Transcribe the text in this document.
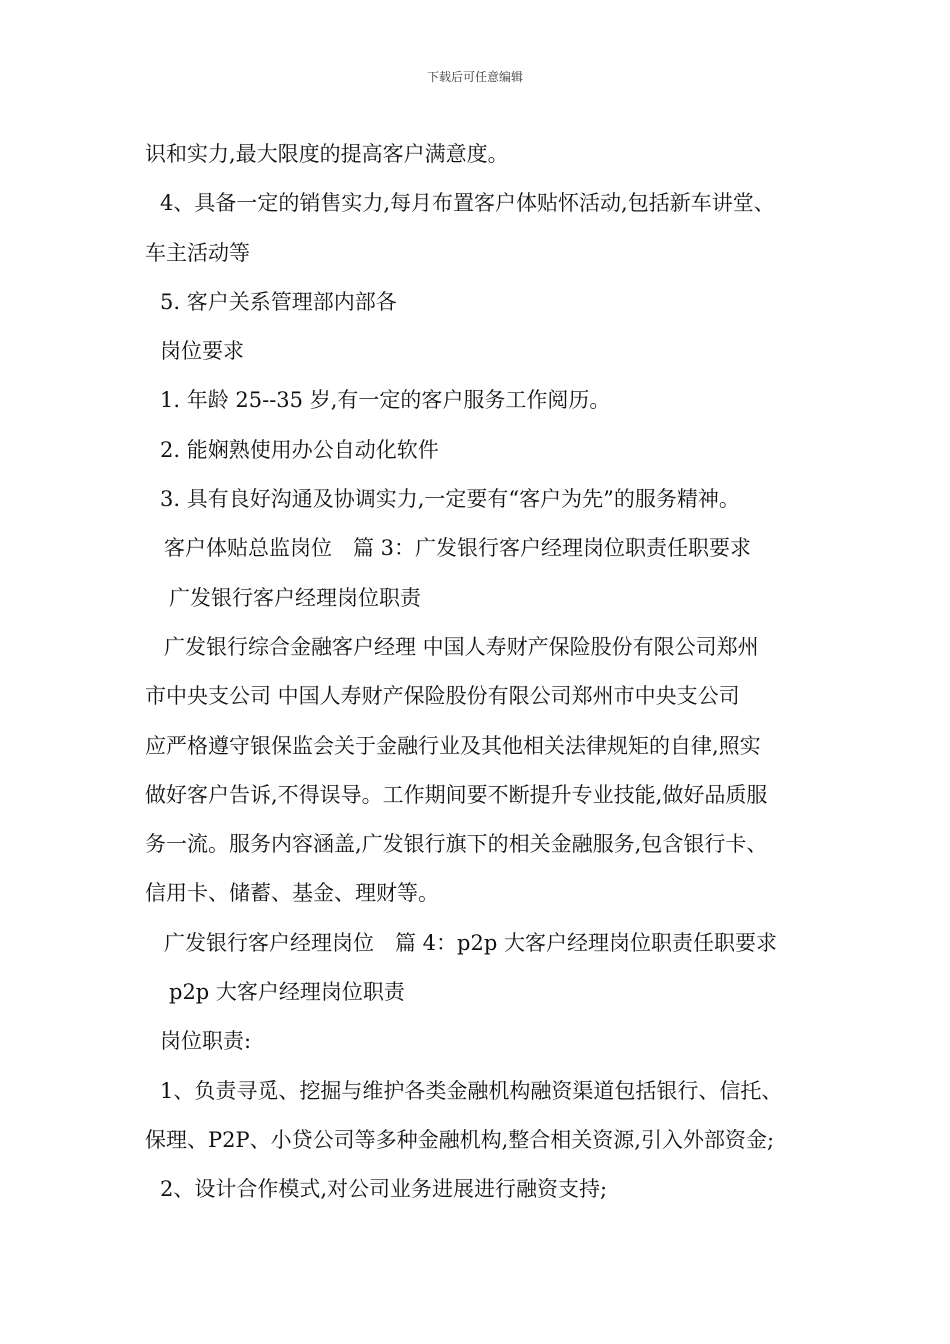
下载后可任意编辑
识和实力,最大限度的提高客户满意度。
4、具备一定的销售实力,每月布置客户体贴怀活动,包括新车讲堂、
车主活动等
5. 客户关系管理部内部各
岗位要求
1. 年龄 25--35 岁,有一定的客户服务工作阅历。
2. 能娴熟使用办公自动化软件
3. 具有良好沟通及协调实力,一定要有“客户为先”的服务精神。
客户体贴总监岗位　篇 3：广发银行客户经理岗位职责任职要求
广发银行客户经理岗位职责
广发银行综合金融客户经理 中国人寿财产保险股份有限公司郑州
市中央支公司 中国人寿财产保险股份有限公司郑州市中央支公司
应严格遵守银保监会关于金融行业及其他相关法律规矩的自律,照实
做好客户告诉,不得误导。工作期间要不断提升专业技能,做好品质服
务一流。服务内容涵盖,广发银行旗下的相关金融服务,包含银行卡、
信用卡、储蓄、基金、理财等。
广发银行客户经理岗位　篇 4：p2p 大客户经理岗位职责任职要求
p2p 大客户经理岗位职责
岗位职责:
1、负责寻觅、挖掘与维护各类金融机构融资渠道包括银行、信托、
保理、P2P、小贷公司等多种金融机构,整合相关资源,引入外部资金;
2、设计合作模式,对公司业务进展进行融资支持;
